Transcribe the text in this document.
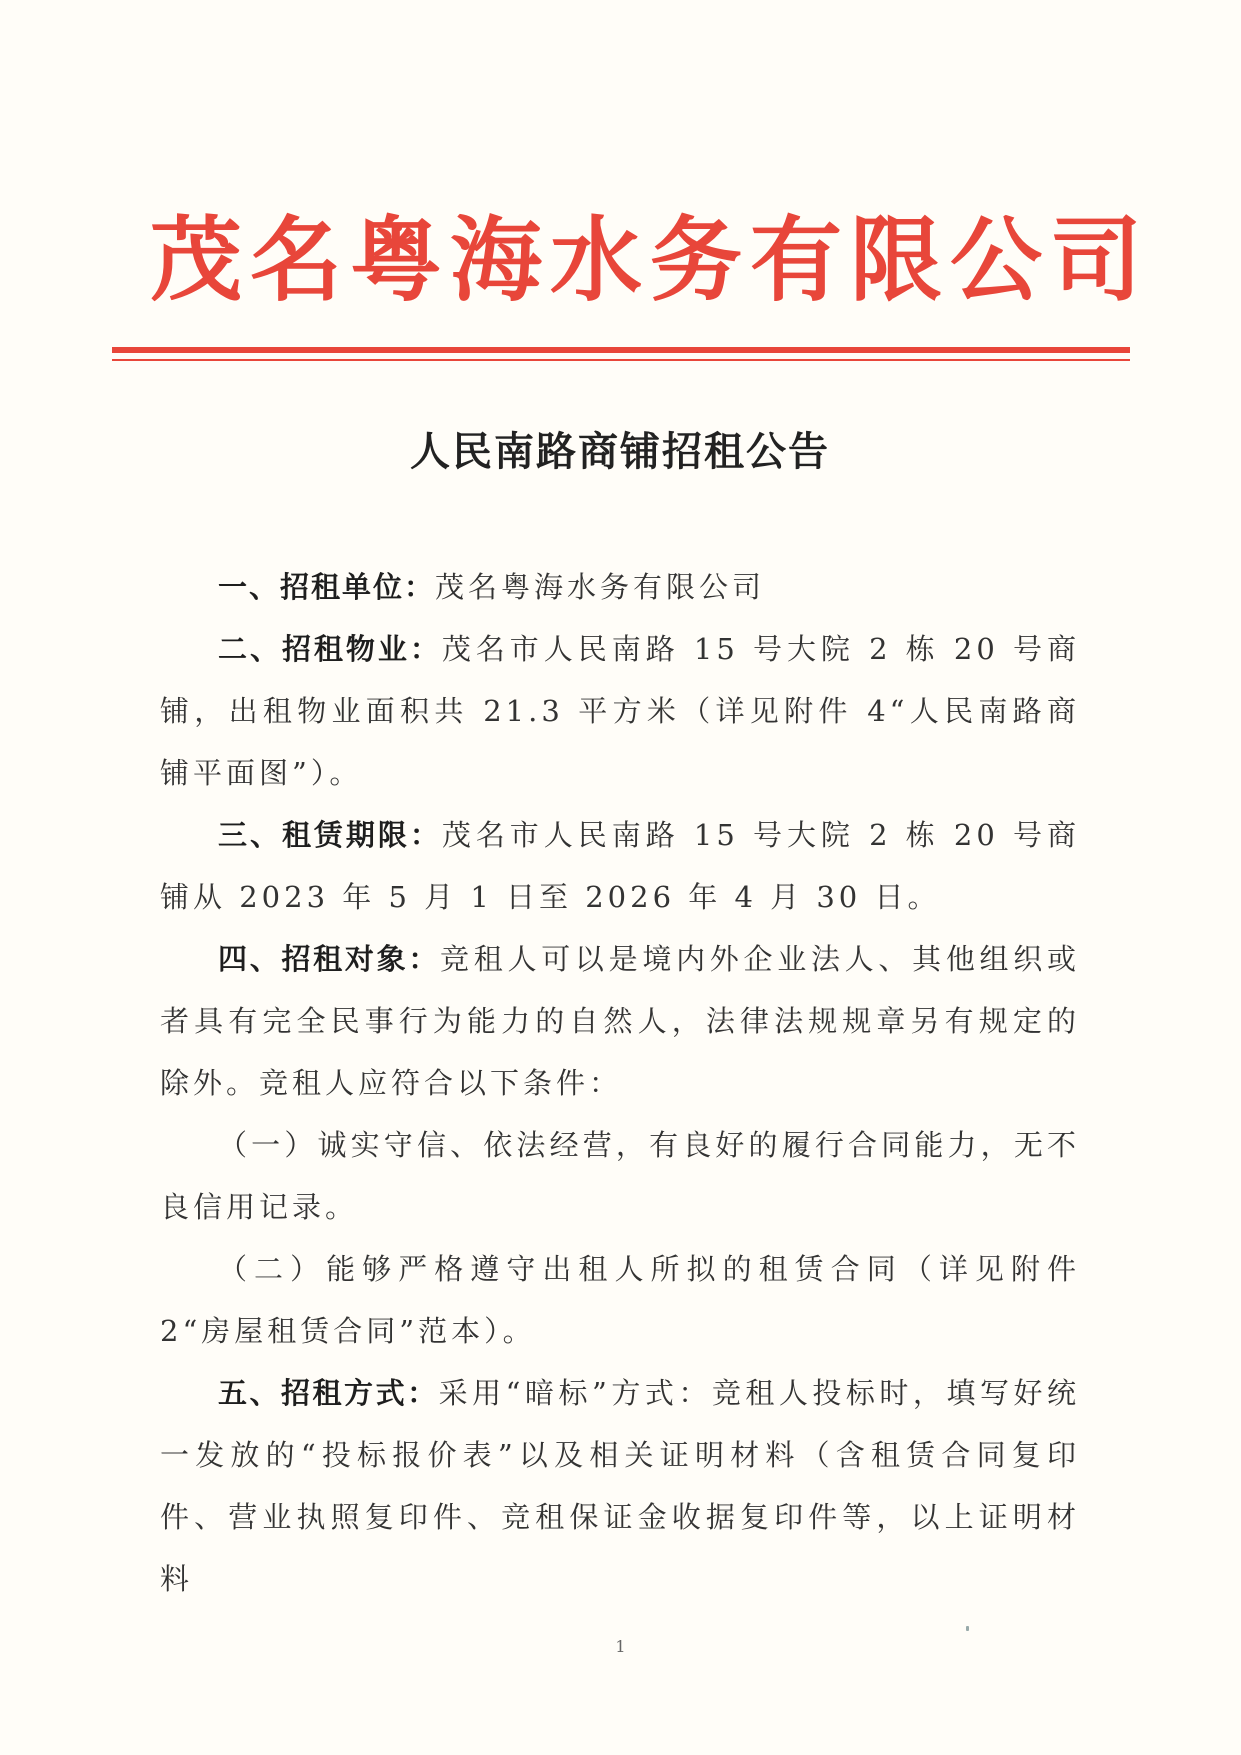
茂名粤海水务有限公司
人民南路商铺招租公告

一、招租单位：茂名粤海水务有限公司

二、招租物业：茂名市人民南路 15 号大院 2 栋 20 号商铺，出租物业面积共 21.3 平方米（详见附件 4“人民南路商铺平面图”）。

三、租赁期限：茂名市人民南路 15 号大院 2 栋 20 号商铺从 2023 年 5 月 1 日至 2026 年 4 月 30 日。

四、招租对象：竞租人可以是境内外企业法人、其他组织或者具有完全民事行为能力的自然人，法律法规规章另有规定的除外。竞租人应符合以下条件：

（一）诚实守信、依法经营，有良好的履行合同能力，无不良信用记录。

（二）能够严格遵守出租人所拟的租赁合同（详见附件 2“房屋租赁合同”范本）。

五、招租方式：采用“暗标”方式：竞租人投标时，填写好统一发放的“投标报价表”以及相关证明材料（含租赁合同复印件、营业执照复印件、竞租保证金收据复印件等，以上证明材料

1
